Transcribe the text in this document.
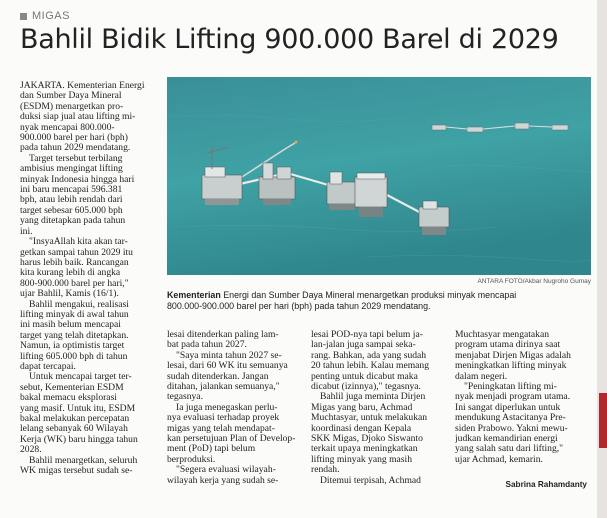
MIGAS
Bahlil Bidik Lifting 900.000 Barel di 2029
ANTARA FOTO/Akbar Nugroho Gumay
Kementerian Energi dan Sumber Daya Mineral menargetkan produksi minyak mencapai
800.000-900.000 barel per hari (bph) pada tahun 2029 mendatang.
JAKARTA. Kementerian Energi
dan Sumber Daya Mineral
(ESDM) menargetkan pro-
duksi siap jual atau lifting mi-
nyak mencapai 800.000-
900.000 barel per hari (bph)
pada tahun 2029 mendatang.
Target tersebut terbilang
ambisius mengingat lifting
minyak Indonesia hingga hari
ini baru mencapai 596.381
bph, atau lebih rendah dari
target sebesar 605.000 bph
yang ditetapkan pada tahun
ini.
"InsyaAllah kita akan tar-
getkan sampai tahun 2029 itu
harus lebih baik. Rancangan
kita kurang lebih di angka
800-900.000 barel per hari,"
ujar Bahlil, Kamis (16/1).
Bahlil mengakui, realisasi
lifting minyak di awal tahun
ini masih belum mencapai
target yang telah ditetapkan.
Namun, ia optimistis target
lifting 605.000 bph di tahun
dapat tercapai.
Untuk mencapai target ter-
sebut, Kementerian ESDM
bakal memacu eksplorasi
yang masif. Untuk itu, ESDM
bakal melakukan percepatan
lelang sebanyak 60 Wilayah
Kerja (WK) baru hingga tahun
2028.
Bahlil menargetkan, seluruh
WK migas tersebut sudah se-
lesai ditenderkan paling lam-
bat pada tahun 2027.
"Saya minta tahun 2027 se-
lesai, dari 60 WK itu semuanya
sudah ditenderkan. Jangan
ditahan, jalankan semuanya,"
tegasnya.
Ia juga menegaskan perlu-
nya evaluasi terhadap proyek
migas yang telah mendapat-
kan persetujuan Plan of Develop-
ment (PoD) tapi belum
berproduksi.
"Segera evaluasi wilayah-
wilayah kerja yang sudah se-
lesai POD-nya tapi belum ja-
lan-jalan juga sampai seka-
rang. Bahkan, ada yang sudah
20 tahun lebih. Kalau memang
penting untuk dicabut maka
dicabut (izinnya)," tegasnya.
Bahlil juga meminta Dirjen
Migas yang baru, Achmad
Muchtasyar, untuk melakukan
koordinasi dengan Kepala
SKK Migas, Djoko Siswanto
terkait upaya meningkatkan
lifting minyak yang masih
rendah.
Ditemui terpisah, Achmad
Muchtasyar mengatakan
program utama dirinya saat
menjabat Dirjen Migas adalah
meningkatkan lifting minyak
dalam negeri.
"Peningkatan lifting mi-
nyak menjadi program utama.
Ini sangat diperlukan untuk
mendukung Astacitanya Pre-
siden Prabowo. Yakni mewu-
judkan kemandirian energi
yang salah satu dari lifting,"
ujar Achmad, kemarin.
Sabrina Rahamdanty
